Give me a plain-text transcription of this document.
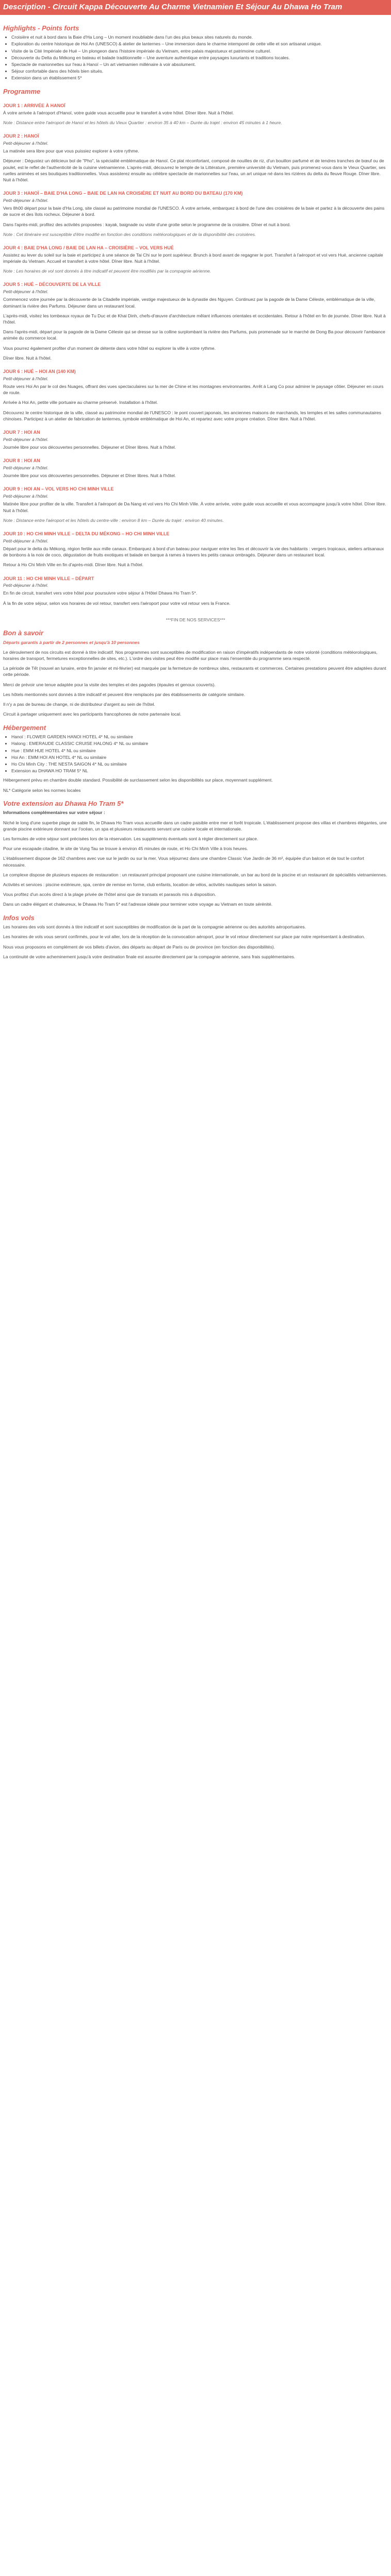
Description - Circuit Kappa Découverte Au Charme Vietnamien Et Séjour Au Dhawa Ho Tram
Highlights - Points forts
• Croisière et nuit à bord dans la Baie d'Ha Long – Un moment inoubliable dans l'un des plus beaux sites naturels du monde.
• Exploration du centre historique de Hoi An (UNESCO) & atelier de lanternes – Une immersion dans le charme intemporel de cette ville et son artisanat unique.
• Visite de la Cité Impériale de Hué – Un plongeon dans l'histoire impériale du Vietnam, entre palais majestueux et patrimoine culturel.
• Découverte du Delta du Mékong en bateau et balade traditionnelle – Une aventure authentique entre paysages luxuriants et traditions locales.
• Spectacle de marionnettes sur l'eau à Hanoï – Un art vietnamien millénaire à voir absolument.
• Séjour confortable dans des hôtels bien situés.
• Extension dans un établissement 5*
Programme
JOUR 1 : ARRIVÉE À HANOÏ

À votre arrivée à l'aéroport d'Hanoï, votre guide vous accueille pour le transfert à votre hôtel. Dîner libre. Nuit à l'hôtel.

Note : Distance entre l'aéroport de Hanoï et les hôtels du Vieux Quartier : environ 35 à 40 km – Durée du trajet : environ 45 minutes à 1 heure.

JOUR 2 : HANOÏ

Petit-déjeuner à l'hôtel.

La matinée sera libre pour que vous puissiez explorer à votre rythme.

Déjeuner : Dégustez un délicieux bol de "Pho", la spécialité emblématique de Hanoï. Ce plat réconfortant, composé de nouilles de riz, d'un bouillon parfumé et de tendres tranches de bœuf ou de poulet, est le reflet de l'authenticité de la cuisine vietnamienne. L'après-midi, découvrez le temple de la Littérature, première université du Vietnam, puis promenez-vous dans le Vieux Quartier, ses ruelles animées et ses boutiques traditionnelles. Vous assisterez ensuite au célèbre spectacle de marionnettes sur l'eau, un art unique né dans les rizières du delta du fleuve Rouge. Dîner libre. Nuit à l'hôtel.

JOUR 3 : HANOÏ – BAIE D'HA LONG – BAIE DE LAN HA CROISIÈRE ET NUIT AU BORD DU BATEAU (170 KM)

Petit-déjeuner à l'hôtel.

Vers 8h00 départ pour la baie d'Ha Long, site classé au patrimoine mondial de l'UNESCO. À votre arrivée, embarquez à bord de l'une des croisières de la baie et partez à la découverte des pains de sucre et des îlots rocheux. Déjeuner à bord.

Dans l'après-midi, profitez des activités proposées : kayak, baignade ou visite d'une grotte selon le programme de la croisière. Dîner et nuit à bord.

Note : Cet itinéraire est susceptible d'être modifié en fonction des conditions météorologiques et de la disponibilité des croisières.

JOUR 4 : BAIE D'HA LONG / BAIE DE LAN HA – CROISIÈRE – VOL VERS HUÉ

Assistez au lever du soleil sur la baie et participez à une séance de Tai Chi sur le pont supérieur. Brunch à bord avant de regagner le port. Transfert à l'aéroport et vol vers Hué, ancienne capitale impériale du Vietnam. Accueil et transfert à votre hôtel. Dîner libre. Nuit à l'hôtel.

Note : Les horaires de vol sont donnés à titre indicatif et peuvent être modifiés par la compagnie aérienne.

JOUR 5 : HUÉ – DÉCOUVERTE DE LA VILLE

Petit-déjeuner à l'hôtel.

Commencez votre journée par la découverte de la Citadelle impériale, vestige majestueux de la dynastie des Nguyen. Continuez par la pagode de la Dame Céleste, emblématique de la ville, dominant la rivière des Parfums. Déjeuner dans un restaurant local.

L'après-midi, visitez les tombeaux royaux de Tu Duc et de Khai Dinh, chefs-d'œuvre d'architecture mêlant influences orientales et occidentales. Retour à l'hôtel en fin de journée. Dîner libre. Nuit à l'hôtel.

Dans l'après-midi, départ pour la pagode de la Dame Céleste qui se dresse sur la colline surplombant la rivière des Parfums, puis promenade sur le marché de Dong Ba pour découvrir l'ambiance animée du commerce local.

Vous pourrez également profiter d'un moment de détente dans votre hôtel ou explorer la ville à votre rythme.

Dîner libre. Nuit à l'hôtel.

JOUR 6 : HUÉ – HOI AN (140 KM)

Petit-déjeuner à l'hôtel.

Route vers Hoi An par le col des Nuages, offrant des vues spectaculaires sur la mer de Chine et les montagnes environnantes. Arrêt à Lang Co pour admirer le paysage côtier. Déjeuner en cours de route.

Arrivée à Hoi An, petite ville portuaire au charme préservé. Installation à l'hôtel.

Découvrez le centre historique de la ville, classé au patrimoine mondial de l'UNESCO : le pont couvert japonais, les anciennes maisons de marchands, les temples et les salles communautaires chinoises. Participez à un atelier de fabrication de lanternes, symbole emblématique de Hoi An, et repartez avec votre propre création. Dîner libre. Nuit à l'hôtel.

JOUR 7 : HOI AN

Petit-déjeuner à l'hôtel.

Journée libre pour vos découvertes personnelles. Déjeuner et Dîner libres. Nuit à l'hôtel.

JOUR 8 : HOI AN

Petit-déjeuner à l'hôtel.

Journée libre pour vos découvertes personnelles. Déjeuner et Dîner libres. Nuit à l'hôtel.

JOUR 9 : HOI AN – VOL VERS HO CHI MINH VILLE

Petit-déjeuner à l'hôtel.

Matinée libre pour profiter de la ville. Transfert à l'aéroport de Da Nang et vol vers Ho Chi Minh Ville. À votre arrivée, votre guide vous accueille et vous accompagne jusqu'à votre hôtel. Dîner libre. Nuit à l'hôtel.

Note : Distance entre l'aéroport et les hôtels du centre-ville : environ 8 km – Durée du trajet : environ 40 minutes.

JOUR 10 : HO CHI MINH VILLE – DELTA DU MÉKONG – HO CHI MINH VILLE

Petit-déjeuner à l'hôtel.

Départ pour le delta du Mékong, région fertile aux mille canaux. Embarquez à bord d'un bateau pour naviguer entre les îles et découvrir la vie des habitants : vergers tropicaux, ateliers artisanaux de bonbons à la noix de coco, dégustation de fruits exotiques et balade en barque à rames à travers les petits canaux ombragés. Déjeuner dans un restaurant local.

Retour à Ho Chi Minh Ville en fin d'après-midi. Dîner libre. Nuit à l'hôtel.

JOUR 11 : HO CHI MINH VILLE – DÉPART

Petit-déjeuner à l'hôtel.

En fin de circuit, transfert vers votre hôtel pour poursuivre votre séjour à l'Hôtel Dhawa Ho Tram 5*.

À la fin de votre séjour, selon vos horaires de vol retour, transfert vers l'aéroport pour votre vol retour vers la France.

***FIN DE NOS SERVICES***

Bon à savoir

Départs garantis à partir de 2 personnes et jusqu'à 10 personnes

Le déroulement de nos circuits est donné à titre indicatif. Nos programmes sont susceptibles de modification en raison d'impératifs indépendants de notre volonté (conditions météorologiques, horaires de transport, fermetures exceptionnelles de sites, etc.). L'ordre des visites peut être modifié sur place mais l'ensemble du programme sera respecté.

La période de Tết (nouvel an lunaire, entre fin janvier et mi-février) est marquée par la fermeture de nombreux sites, restaurants et commerces. Certaines prestations peuvent être adaptées durant cette période.

Merci de prévoir une tenue adaptée pour la visite des temples et des pagodes (épaules et genoux couverts).

Les hôtels mentionnés sont donnés à titre indicatif et peuvent être remplacés par des établissements de catégorie similaire.

Il n'y a pas de bureau de change, ni de distributeur d'argent au sein de l'hôtel.

Circuit à partager uniquement avec les participants francophones de notre partenaire local.

Hébergement
• Hanoï : FLOWER GARDEN HANOI HOTEL 4* NL ou similaire
• Halong : EMERAUDE CLASSIC CRUISE HALONG 4* NL ou similaire
• Hue : EMM HUE HOTEL 4* NL ou similaire
• Hoi An : EMM HOI AN HOTEL 4* NL ou similaire
• Ho Chi Minh City : THE NESTA SAIGON 4* NL ou similaire
• Extension au DHAWA HO TRAM 5* NL

Hébergement prévu en chambre double standard. Possibilité de surclassement selon les disponibilités sur place, moyennant supplément.

NL* Catégorie selon les normes locales

Votre extension au Dhawa Ho Tram 5*

Informations complémentaires sur votre séjour :

Niché le long d'une superbe plage de sable fin, le Dhawa Ho Tram vous accueille dans un cadre paisible entre mer et forêt tropicale. L'établissement propose des villas et chambres élégantes, une grande piscine extérieure donnant sur l'océan, un spa et plusieurs restaurants servant une cuisine locale et internationale.

Les formules de votre séjour sont précisées lors de la réservation. Les suppléments éventuels sont à régler directement sur place.

Pour une escapade citadine, le site de Vung Tau se trouve à environ 45 minutes de route, et Ho Chi Minh Ville à trois heures.

L'établissement dispose de 162 chambres avec vue sur le jardin ou sur la mer. Vous séjournez dans une chambre Classic Vue Jardin de 36 m², équipée d'un balcon et de tout le confort nécessaire.

Le complexe dispose de plusieurs espaces de restauration : un restaurant principal proposant une cuisine internationale, un bar au bord de la piscine et un restaurant de spécialités vietnamiennes.

Activités et services : piscine extérieure, spa, centre de remise en forme, club enfants, location de vélos, activités nautiques selon la saison.

Vous profitez d'un accès direct à la plage privée de l'hôtel ainsi que de transats et parasols mis à disposition.

Dans un cadre élégant et chaleureux, le Dhawa Ho Tram 5* est l'adresse idéale pour terminer votre voyage au Vietnam en toute sérénité.

Infos vols

Les horaires des vols sont donnés à titre indicatif et sont susceptibles de modification de la part de la compagnie aérienne ou des autorités aéroportuaires.

Les horaires de vols vous seront confirmés, pour le vol aller, lors de la réception de la convocation aéroport, pour le vol retour directement sur place par notre représentant à destination.

Nous vous proposons en complément de vos billets d'avion, des départs au départ de Paris ou de province (en fonction des disponibilités).

La continuité de votre acheminement jusqu'à votre destination finale est assurée directement par la compagnie aérienne, sans frais supplémentaires.
